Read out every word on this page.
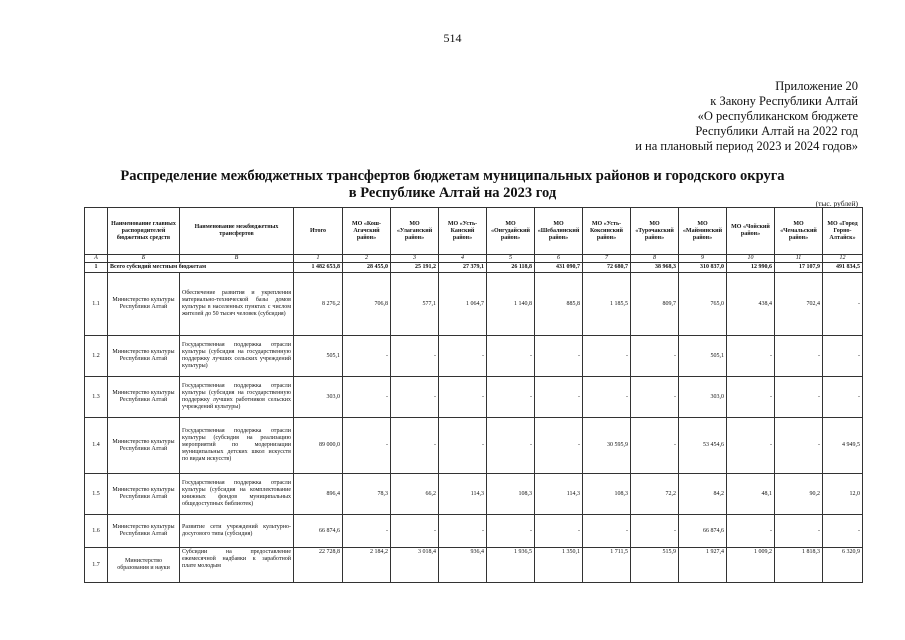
514
Приложение 20
к Закону Республики Алтай
«О республиканском бюджете
Республики Алтай на 2022 год
и на плановый период 2023 и 2024 годов»
Распределение межбюджетных трансфертов бюджетам муниципальных районов и городского округа
в Республике Алтай на 2023 год
(тыс. рублей)
	Наименование главных распорядителей бюджетных средств	Наименование межбюджетных трансфертов	Итого	МО «Кош-Агачский район»	МО «Улаганский район»	МО «Усть-Канский район»	МО «Онгудайский район»	МО «Шебалинский район»	МО «Усть-Коксинский район»	МО «Турочакский район»	МО «Майминский район»	МО «Чойский район»	МО «Чемальский район»	МО «Город Горно-Алтайск»
А	Б	В	1	2	3	4	5	6	7	8	9	10	11	12
1	Всего субсидий местным бюджетам		1 482 653,8	28 455,0	25 191,2	27 379,1	26 118,8	431 090,7	72 680,7	38 968,3	310 837,0	12 990,6	17 107,9	491 834,5
1.1	Министерство культуры Республики Алтай	Обеспечение развития и укрепления материально-технической базы домов культуры в населенных пунктах с числом жителей до 50 тысяч человек (субсидия)	8 276,2	706,8	577,1	1 064,7	1 140,8	885,8	1 185,5	809,7	765,0	438,4	702,4	-
1.2	Министерство культуры Республики Алтай	Государственная поддержка отрасли культуры (субсидия на государственную поддержку лучших сельских учреждений культуры)	505,1	-	-	-	-	-	-	-	505,1	-	-	-
1.3	Министерство культуры Республики Алтай	Государственная поддержка отрасли культуры (субсидия на государственную поддержку лучших работников сельских учреждений культуры)	303,0	-	-	-	-	-	-	-	303,0	-	-	-
1.4	Министерство культуры Республики Алтай	Государственная поддержка отрасли культуры (субсидия на реализацию мероприятий по модернизации муниципальных детских школ искусств по видам искусств)	89 000,0	-	-	-	-	-	30 595,9	-	53 454,6	-	-	4 949,5
1.5	Министерство культуры Республики Алтай	Государственная поддержка отрасли культуры (субсидия на комплектование книжных фондов муниципальных общедоступных библиотек)	896,4	78,3	66,2	114,3	108,3	114,3	108,3	72,2	84,2	48,1	90,2	12,0
1.6	Министерство культуры Республики Алтай	Развитие сети учреждений культурно-досугового типа (субсидия)	66 874,6	-	-	-	-	-	-	-	66 874,6	-	-	-
1.7	Министерство образования и науки	Субсидии на предоставление ежемесячной надбавки к заработной плате молодым	22 728,8	2 184,2	3 018,4	936,4	1 936,5	1 350,1	1 711,5	515,9	1 927,4	1 009,2	1 818,3	6 320,9
